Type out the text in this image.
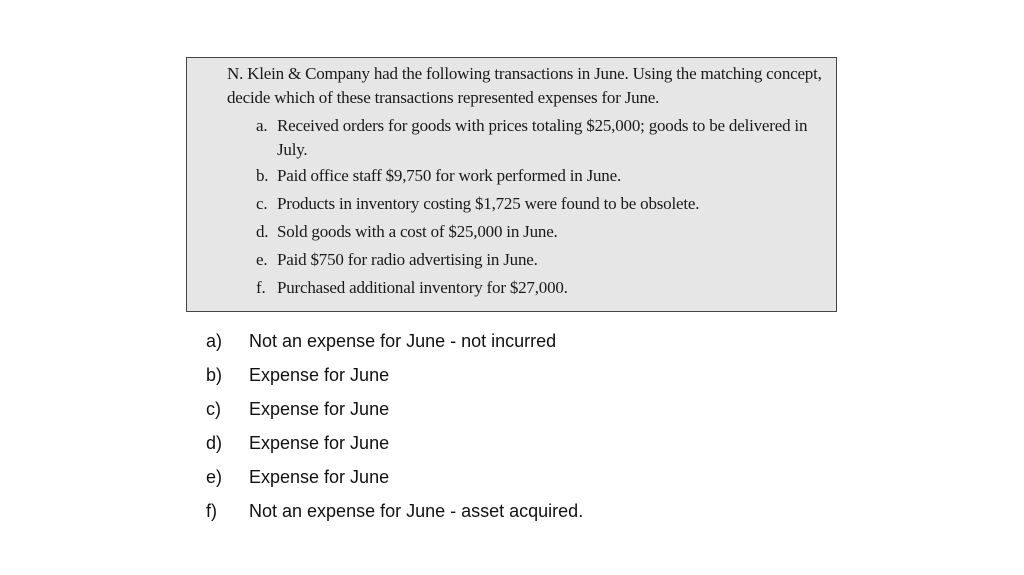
N. Klein & Company had the following transactions in June. Using the matching concept, decide which of these transactions represented expenses for June.
a. Received orders for goods with prices totaling $25,000; goods to be delivered in July.
b. Paid office staff $9,750 for work performed in June.
c. Products in inventory costing $1,725 were found to be obsolete.
d. Sold goods with a cost of $25,000 in June.
e. Paid $750 for radio advertising in June.
f. Purchased additional inventory for $27,000.
a) Not an expense for June - not incurred
b) Expense for June
c) Expense for June
d) Expense for June
e) Expense for June
f) Not an expense for June - asset acquired.
